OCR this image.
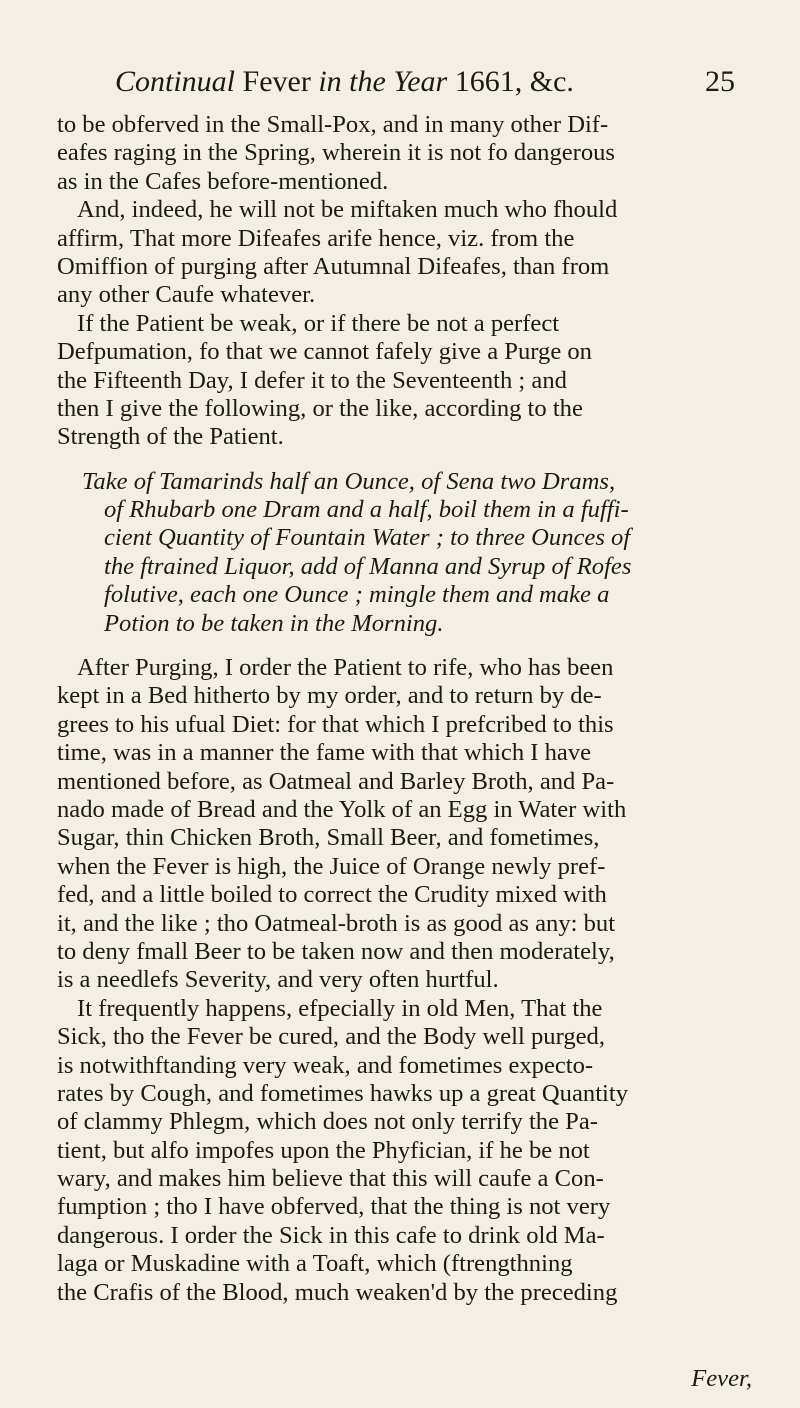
Continual Fever in the Year 1661, &c.	25
to be obferved in the Small-Pox, and in many other Dif-
eafes raging in the Spring, wherein it is not fo dangerous
as in the Cafes before-mentioned.
And, indeed, he will not be miftaken much who fhould
affirm, That more Difeafes arife hence, viz. from the
Omiffion of purging after Autumnal Difeafes, than from
any other Caufe whatever.
If the Patient be weak, or if there be not a perfect
Defpumation, fo that we cannot fafely give a Purge on
the Fifteenth Day, I defer it to the Seventeenth ; and
then I give the following, or the like, according to the
Strength of the Patient.
Take of Tamarinds half an Ounce, of Sena two Drams,
of Rhubarb one Dram and a half, boil them in a fuffi-
cient Quantity of Fountain Water ; to three Ounces of
the ftrained Liquor, add of Manna and Syrup of Rofes
folutive, each one Ounce ; mingle them and make a
Potion to be taken in the Morning.
After Purging, I order the Patient to rife, who has been
kept in a Bed hitherto by my order, and to return by de-
grees to his ufual Diet: for that which I prefcribed to this
time, was in a manner the fame with that which I have
mentioned before, as Oatmeal and Barley Broth, and Pa-
nado made of Bread and the Yolk of an Egg in Water with
Sugar, thin Chicken Broth, Small Beer, and fometimes,
when the Fever is high, the Juice of Orange newly pref-
fed, and a little boiled to correct the Crudity mixed with
it, and the like ; tho Oatmeal-broth is as good as any: but
to deny fmall Beer to be taken now and then moderately,
is a needlefs Severity, and very often hurtful.
It frequently happens, efpecially in old Men, That the
Sick, tho the Fever be cured, and the Body well purged,
is notwithftanding very weak, and fometimes expecto-
rates by Cough, and fometimes hawks up a great Quantity
of clammy Phlegm, which does not only terrify the Pa-
tient, but alfo impofes upon the Phyfician, if he be not
wary, and makes him believe that this will caufe a Con-
fumption ; tho I have obferved, that the thing is not very
dangerous. I order the Sick in this cafe to drink old Ma-
laga or Muskadine with a Toaft, which (ftrengthning
the Crafis of the Blood, much weaken'd by the preceding
Fever,
